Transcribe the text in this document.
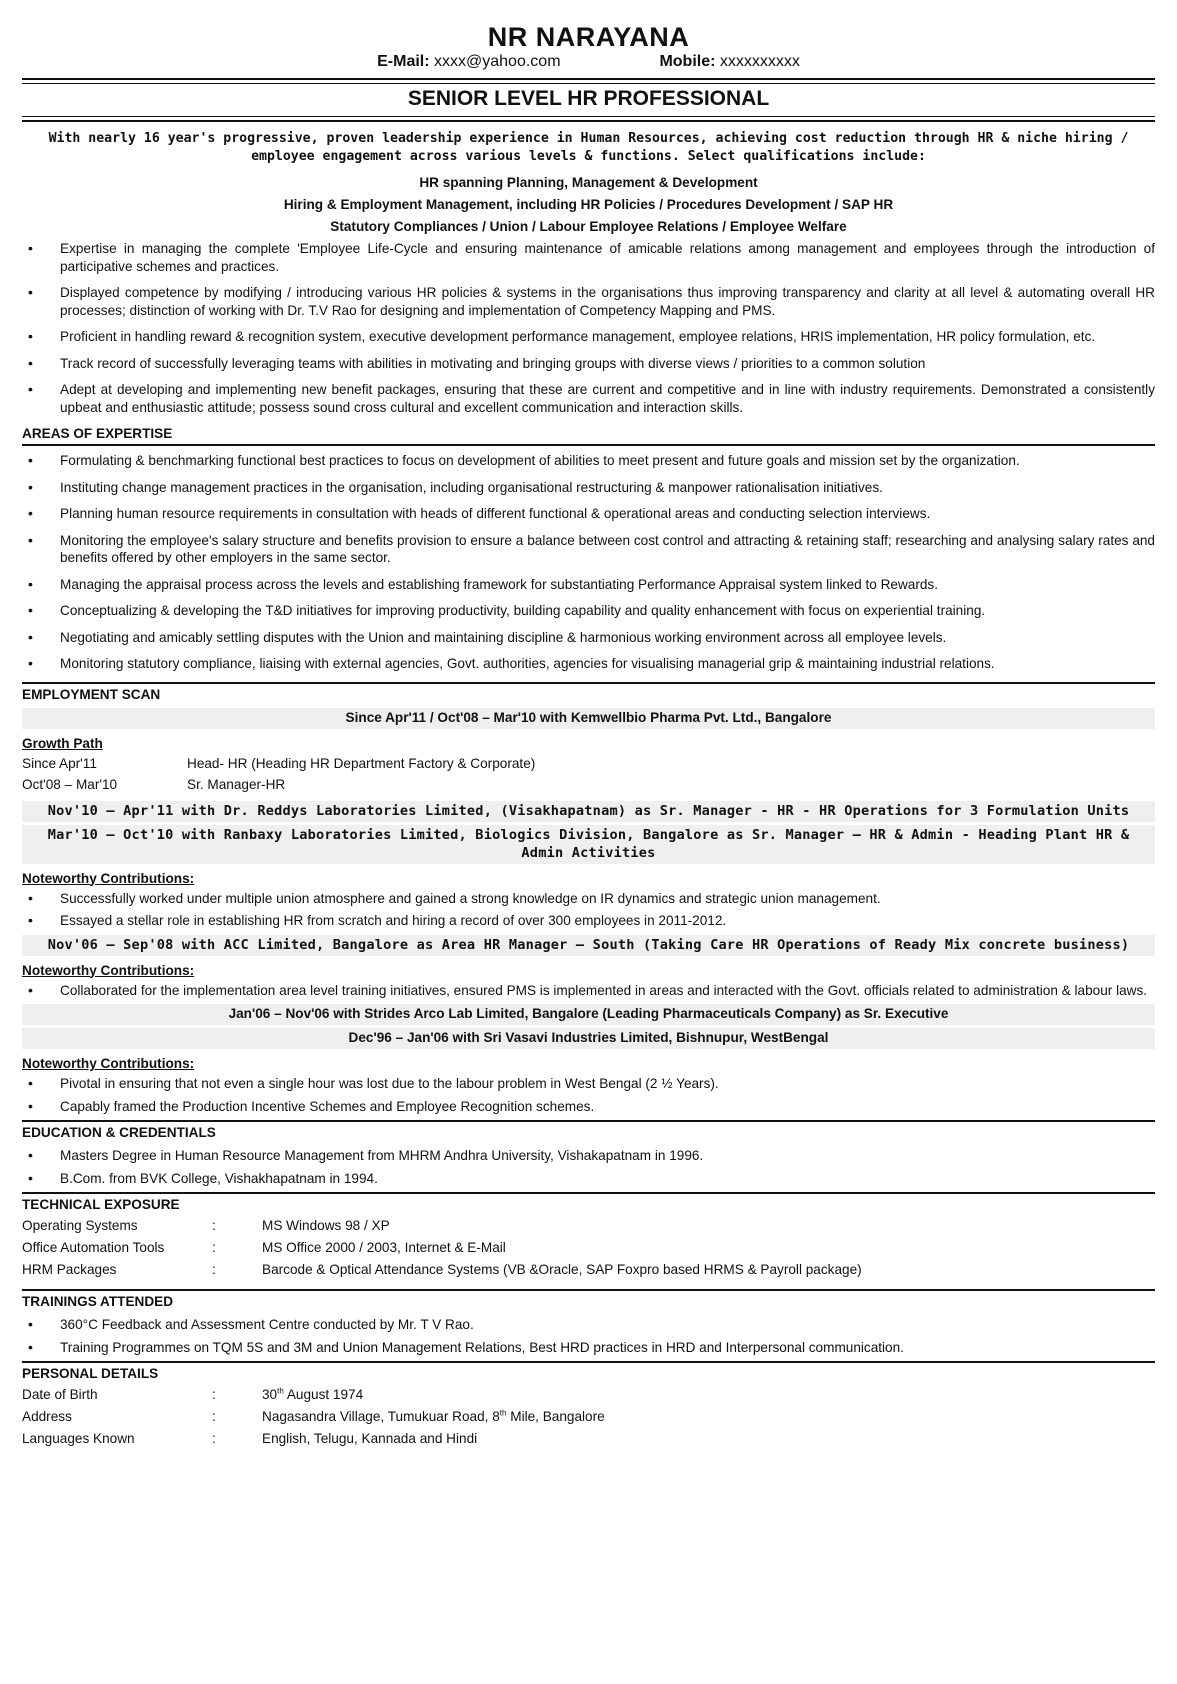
NR NARAYANA
E-Mail: xxxx@yahoo.com	Mobile: xxxxxxxxxx
SENIOR LEVEL HR PROFESSIONAL
With nearly 16 year's progressive, proven leadership experience in Human Resources, achieving cost reduction through HR & niche hiring / employee engagement across various levels & functions. Select qualifications include:
HR spanning Planning, Management & Development
Hiring & Employment Management, including HR Policies / Procedures Development / SAP HR
Statutory Compliances / Union / Labour Employee Relations / Employee Welfare
• Expertise in managing the complete 'Employee Life-Cycle and ensuring maintenance of amicable relations among management and employees through the introduction of participative schemes and practices.
• Displayed competence by modifying / introducing various HR policies & systems in the organisations thus improving transparency and clarity at all level & automating overall HR processes; distinction of working with Dr. T.V Rao for designing and implementation of Competency Mapping and PMS.
• Proficient in handling reward & recognition system, executive development performance management, employee relations, HRIS implementation, HR policy formulation, etc.
• Track record of successfully leveraging teams with abilities in motivating and bringing groups with diverse views / priorities to a common solution
• Adept at developing and implementing new benefit packages, ensuring that these are current and competitive and in line with industry requirements. Demonstrated a consistently upbeat and enthusiastic attitude; possess sound cross cultural and excellent communication and interaction skills.
AREAS OF EXPERTISE
• Formulating & benchmarking functional best practices to focus on development of abilities to meet present and future goals and mission set by the organization.
• Instituting change management practices in the organisation, including organisational restructuring & manpower rationalisation initiatives.
• Planning human resource requirements in consultation with heads of different functional & operational areas and conducting selection interviews.
• Monitoring the employee's salary structure and benefits provision to ensure a balance between cost control and attracting & retaining staff; researching and analysing salary rates and benefits offered by other employers in the same sector.
• Managing the appraisal process across the levels and establishing framework for substantiating Performance Appraisal system linked to Rewards.
• Conceptualizing & developing the T&D initiatives for improving productivity, building capability and quality enhancement with focus on experiential training.
• Negotiating and amicably settling disputes with the Union and maintaining discipline & harmonious working environment across all employee levels.
• Monitoring statutory compliance, liaising with external agencies, Govt. authorities, agencies for visualising managerial grip & maintaining industrial relations.
EMPLOYMENT SCAN
Since Apr'11 / Oct'08 – Mar'10 with Kemwellbio Pharma Pvt. Ltd., Bangalore
Growth Path
Since Apr'11	Head- HR (Heading HR Department Factory & Corporate)
Oct'08 – Mar'10	Sr. Manager-HR
Nov'10 – Apr'11 with Dr. Reddys Laboratories Limited, (Visakhapatnam) as Sr. Manager - HR - HR Operations for 3 Formulation Units
Mar'10 – Oct'10 with Ranbaxy Laboratories Limited, Biologics Division, Bangalore as Sr. Manager – HR & Admin - Heading Plant HR & Admin Activities
Noteworthy Contributions:
• Successfully worked under multiple union atmosphere and gained a strong knowledge on IR dynamics and strategic union management.
• Essayed a stellar role in establishing HR from scratch and hiring a record of over 300 employees in 2011-2012.
Nov'06 – Sep'08 with ACC Limited, Bangalore as Area HR Manager – South (Taking Care HR Operations of Ready Mix concrete business)
Noteworthy Contributions:
• Collaborated for the implementation area level training initiatives, ensured PMS is implemented in areas and interacted with the Govt. officials related to administration & labour laws.
Jan'06 – Nov'06 with Strides Arco Lab Limited, Bangalore (Leading Pharmaceuticals Company) as Sr. Executive
Dec'96 – Jan'06 with Sri Vasavi Industries Limited, Bishnupur, WestBengal
Noteworthy Contributions:
• Pivotal in ensuring that not even a single hour was lost due to the labour problem in West Bengal (2 ½ Years).
• Capably framed the Production Incentive Schemes and Employee Recognition schemes.
EDUCATION & CREDENTIALS
• Masters Degree in Human Resource Management from MHRM Andhra University, Vishakapatnam in 1996.
• B.Com. from BVK College, Vishakhapatnam in 1994.
TECHNICAL EXPOSURE
Operating Systems	:	MS Windows 98 / XP
Office Automation Tools	:	MS Office 2000 / 2003, Internet & E-Mail
HRM Packages	:	Barcode & Optical Attendance Systems (VB &Oracle, SAP Foxpro based HRMS & Payroll package)
TRAININGS ATTENDED
• 360°C Feedback and Assessment Centre conducted by Mr. T V Rao.
• Training Programmes on TQM 5S and 3M and Union Management Relations, Best HRD practices in HRD and Interpersonal communication.
PERSONAL DETAILS
Date of Birth	:	30th August 1974
Address	:	Nagasandra Village, Tumukuar Road, 8th Mile, Bangalore
Languages Known	:	English, Telugu, Kannada and Hindi
